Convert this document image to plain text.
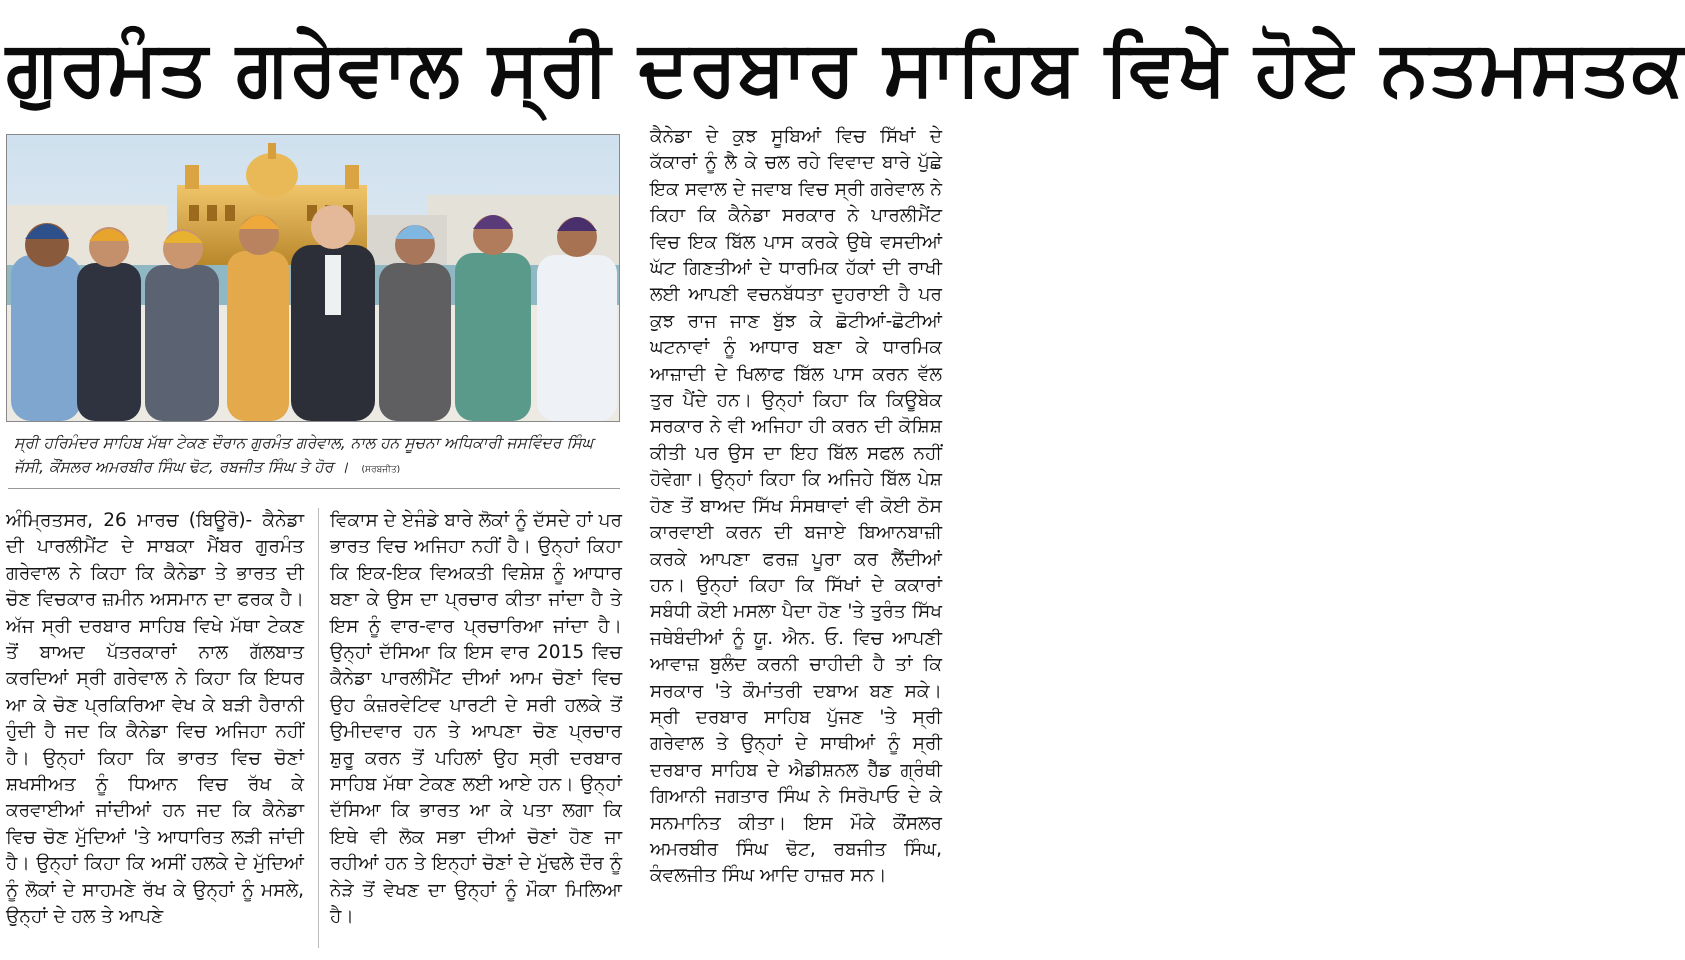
ਗੁਰਮੰਤ ਗਰੇਵਾਲ ਸ੍ਰੀ ਦਰਬਾਰ ਸਾਹਿਬ ਵਿਖੇ ਹੋਏ ਨਤਮਸਤਕ
ਸ੍ਰੀ ਹਰਿਮੰਦਰ ਸਾਹਿਬ ਮੱਥਾ ਟੇਕਣ ਦੌਰਾਨ ਗੁਰਮੰਤ ਗਰੇਵਾਲ, ਨਾਲ ਹਨ ਸੂਚਨਾ ਅਧਿਕਾਰੀ ਜਸਵਿੰਦਰ ਸਿੰਘ ਜੱਸੀ, ਕੌਂਸਲਰ ਅਮਰਬੀਰ ਸਿੰਘ ਢੋਟ, ਰਬਜੀਤ ਸਿੰਘ ਤੇ ਹੋਰ । (ਸਰਬਜੀਤ)

ਅੰਮ੍ਰਿਤਸਰ, 26 ਮਾਰਚ (ਬਿਊਰੋ)- ਕੈਨੇਡਾ ਦੀ ਪਾਰਲੀਮੈਂਟ ਦੇ ਸਾਬਕਾ ਮੈਂਬਰ ਗੁਰਮੰਤ ਗਰੇਵਾਲ ਨੇ ਕਿਹਾ ਕਿ ਕੈਨੇਡਾ ਤੇ ਭਾਰਤ ਦੀ ਚੋਣ ਵਿਚਕਾਰ ਜ਼ਮੀਨ ਅਸਮਾਨ ਦਾ ਫਰਕ ਹੈ।ਅੱਜ ਸ੍ਰੀ ਦਰਬਾਰ ਸਾਹਿਬ ਵਿਖੇ ਮੱਥਾ ਟੇਕਣ ਤੋਂ ਬਾਅਦ ਪੱਤਰਕਾਰਾਂ ਨਾਲ ਗੱਲਬਾਤ ਕਰਦਿਆਂ ਸ੍ਰੀ ਗਰੇਵਾਲ ਨੇ ਕਿਹਾ ਕਿ ਇਧਰ ਆ ਕੇ ਚੋਣ ਪ੍ਰਕਿਰਿਆ ਵੇਖ ਕੇ ਬੜੀ ਹੈਰਾਨੀ ਹੁੰਦੀ ਹੈ ਜਦ ਕਿ ਕੈਨੇਡਾ ਵਿਚ ਅਜਿਹਾ ਨਹੀਂ ਹੈ। ਉਨ੍ਹਾਂ ਕਿਹਾ ਕਿ ਭਾਰਤ ਵਿਚ ਚੋਣਾਂ ਸ਼ਖਸੀਅਤ ਨੂੰ ਧਿਆਨ ਵਿਚ ਰੱਖ ਕੇ ਕਰਵਾਈਆਂ ਜਾਂਦੀਆਂ ਹਨ ਜਦ ਕਿ ਕੈਨੇਡਾ ਵਿਚ ਚੋਣ ਮੁੱਦਿਆਂ 'ਤੇ ਆਧਾਰਿਤ ਲੜੀ ਜਾਂਦੀ ਹੈ। ਉਨ੍ਹਾਂ ਕਿਹਾ ਕਿ ਅਸੀਂ ਹਲਕੇ ਦੇ ਮੁੱਦਿਆਂ ਨੂੰ ਲੋਕਾਂ ਦੇ ਸਾਹਮਣੇ ਰੱਖ ਕੇ ਉਨ੍ਹਾਂ ਨੂੰ ਮਸਲੇ, ਉਨ੍ਹਾਂ ਦੇ ਹਲ ਤੇ ਆਪਣੇ

ਵਿਕਾਸ ਦੇ ਏਜੰਡੇ ਬਾਰੇ ਲੋਕਾਂ ਨੂੰ ਦੱਸਦੇ ਹਾਂ ਪਰ ਭਾਰਤ ਵਿਚ ਅਜਿਹਾ ਨਹੀਂ ਹੈ। ਉਨ੍ਹਾਂ ਕਿਹਾ ਕਿ ਇਕ-ਇਕ ਵਿਅਕਤੀ ਵਿਸ਼ੇਸ਼ ਨੂੰ ਆਧਾਰ ਬਣਾ ਕੇ ਉਸ ਦਾ ਪ੍ਰਚਾਰ ਕੀਤਾ ਜਾਂਦਾ ਹੈ ਤੇ ਇਸ ਨੂੰ ਵਾਰ-ਵਾਰ ਪ੍ਰਚਾਰਿਆ ਜਾਂਦਾ ਹੈ। ਉਨ੍ਹਾਂ ਦੱਸਿਆ ਕਿ ਇਸ ਵਾਰ 2015 ਵਿਚ ਕੈਨੇਡਾ ਪਾਰਲੀਮੈਂਟ ਦੀਆਂ ਆਮ ਚੋਣਾਂ ਵਿਚ ਉਹ ਕੰਜ਼ਰਵੇਟਿਵ ਪਾਰਟੀ ਦੇ ਸਰੀ ਹਲਕੇ ਤੋਂ ਉਮੀਦਵਾਰ ਹਨ ਤੇ ਆਪਣਾ ਚੋਣ ਪ੍ਰਚਾਰ ਸ਼ੁਰੂ ਕਰਨ ਤੋਂ ਪਹਿਲਾਂ ਉਹ ਸ੍ਰੀ ਦਰਬਾਰ ਸਾਹਿਬ ਮੱਥਾ ਟੇਕਣ ਲਈ ਆਏ ਹਨ। ਉਨ੍ਹਾਂ ਦੱਸਿਆ ਕਿ ਭਾਰਤ ਆ ਕੇ ਪਤਾ ਲਗਾ ਕਿ ਇਥੇ ਵੀ ਲੋਕ ਸਭਾ ਦੀਆਂ ਚੋਣਾਂ ਹੋਣ ਜਾ ਰਹੀਆਂ ਹਨ ਤੇ ਇਨ੍ਹਾਂ ਚੋਣਾਂ ਦੇ ਮੁੱਢਲੇ ਦੌਰ ਨੂੰ ਨੇੜੇ ਤੋਂ ਵੇਖਣ ਦਾ ਉਨ੍ਹਾਂ ਨੂੰ ਮੌਕਾ ਮਿਲਿਆ ਹੈ।

ਕੈਨੇਡਾ ਦੇ ਕੁਝ ਸੂਬਿਆਂ ਵਿਚ ਸਿੱਖਾਂ ਦੇ ਕੱਕਾਰਾਂ ਨੂੰ ਲੈ ਕੇ ਚਲ ਰਹੇ ਵਿਵਾਦ ਬਾਰੇ ਪੁੱਛੇ ਇਕ ਸਵਾਲ ਦੇ ਜਵਾਬ ਵਿਚ ਸ੍ਰੀ ਗਰੇਵਾਲ ਨੇ ਕਿਹਾ ਕਿ ਕੈਨੇਡਾ ਸਰਕਾਰ ਨੇ ਪਾਰਲੀਮੈਂਟ ਵਿਚ ਇਕ ਬਿੱਲ ਪਾਸ ਕਰਕੇ ਉਥੇ ਵਸਦੀਆਂ ਘੱਟ ਗਿਣਤੀਆਂ ਦੇ ਧਾਰਮਿਕ ਹੱਕਾਂ ਦੀ ਰਾਖੀ ਲਈ ਆਪਣੀ ਵਚਨਬੱਧਤਾ ਦੁਹਰਾਈ ਹੈ ਪਰ ਕੁਝ ਰਾਜ ਜਾਣ ਬੁੱਝ ਕੇ ਛੋਟੀਆਂ-ਛੋਟੀਆਂ ਘਟਨਾਵਾਂ ਨੂੰ ਆਧਾਰ ਬਣਾ ਕੇ ਧਾਰਮਿਕ ਆਜ਼ਾਦੀ ਦੇ ਖਿਲਾਫ ਬਿੱਲ ਪਾਸ ਕਰਨ ਵੱਲ ਤੁਰ ਪੈਂਦੇ ਹਨ। ਉਨ੍ਹਾਂ ਕਿਹਾ ਕਿ ਕਿਊਬੇਕ ਸਰਕਾਰ ਨੇ ਵੀ ਅਜਿਹਾ ਹੀ ਕਰਨ ਦੀ ਕੋਸ਼ਿਸ਼ ਕੀਤੀ ਪਰ ਉਸ ਦਾ ਇਹ ਬਿੱਲ ਸਫਲ ਨਹੀਂ ਹੋਵੇਗਾ। ਉਨ੍ਹਾਂ ਕਿਹਾ ਕਿ ਅਜਿਹੇ ਬਿੱਲ ਪੇਸ਼ ਹੋਣ ਤੋਂ ਬਾਅਦ ਸਿੱਖ ਸੰਸਥਾਵਾਂ ਵੀ ਕੋਈ ਠੋਸ ਕਾਰਵਾਈ ਕਰਨ ਦੀ ਬਜਾਏ ਬਿਆਨਬਾਜ਼ੀ ਕਰਕੇ ਆਪਣਾ ਫਰਜ਼ ਪੂਰਾ ਕਰ ਲੈਂਦੀਆਂ ਹਨ। ਉਨ੍ਹਾਂ ਕਿਹਾ ਕਿ ਸਿੱਖਾਂ ਦੇ ਕਕਾਰਾਂ ਸਬੰਧੀ ਕੋਈ ਮਸਲਾ ਪੈਦਾ ਹੋਣ 'ਤੇ ਤੁਰੰਤ ਸਿੱਖ ਜਥੇਬੰਦੀਆਂ ਨੂੰ ਯੂ. ਐਨ. ਓ. ਵਿਚ ਆਪਣੀ ਆਵਾਜ਼ ਬੁਲੰਦ ਕਰਨੀ ਚਾਹੀਦੀ ਹੈ ਤਾਂ ਕਿ ਸਰਕਾਰ 'ਤੇ ਕੌਮਾਂਤਰੀ ਦਬਾਅ ਬਣ ਸਕੇ। ਸ੍ਰੀ ਦਰਬਾਰ ਸਾਹਿਬ ਪੁੱਜਣ 'ਤੇ ਸ੍ਰੀ ਗਰੇਵਾਲ ਤੇ ਉਨ੍ਹਾਂ ਦੇ ਸਾਥੀਆਂ ਨੂੰ ਸ੍ਰੀ ਦਰਬਾਰ ਸਾਹਿਬ ਦੇ ਐਡੀਸ਼ਨਲ ਹੈੱਡ ਗ੍ਰੰਥੀ ਗਿਆਨੀ ਜਗਤਾਰ ਸਿੰਘ ਨੇ ਸਿਰੋਪਾਓ ਦੇ ਕੇ ਸਨਮਾਨਿਤ ਕੀਤਾ। ਇਸ ਮੌਕੇ ਕੌਂਸਲਰ ਅਮਰਬੀਰ ਸਿੰਘ ਢੋਟ, ਰਬਜੀਤ ਸਿੰਘ, ਕੰਵਲਜੀਤ ਸਿੰਘ ਆਦਿ ਹਾਜ਼ਰ ਸਨ।
